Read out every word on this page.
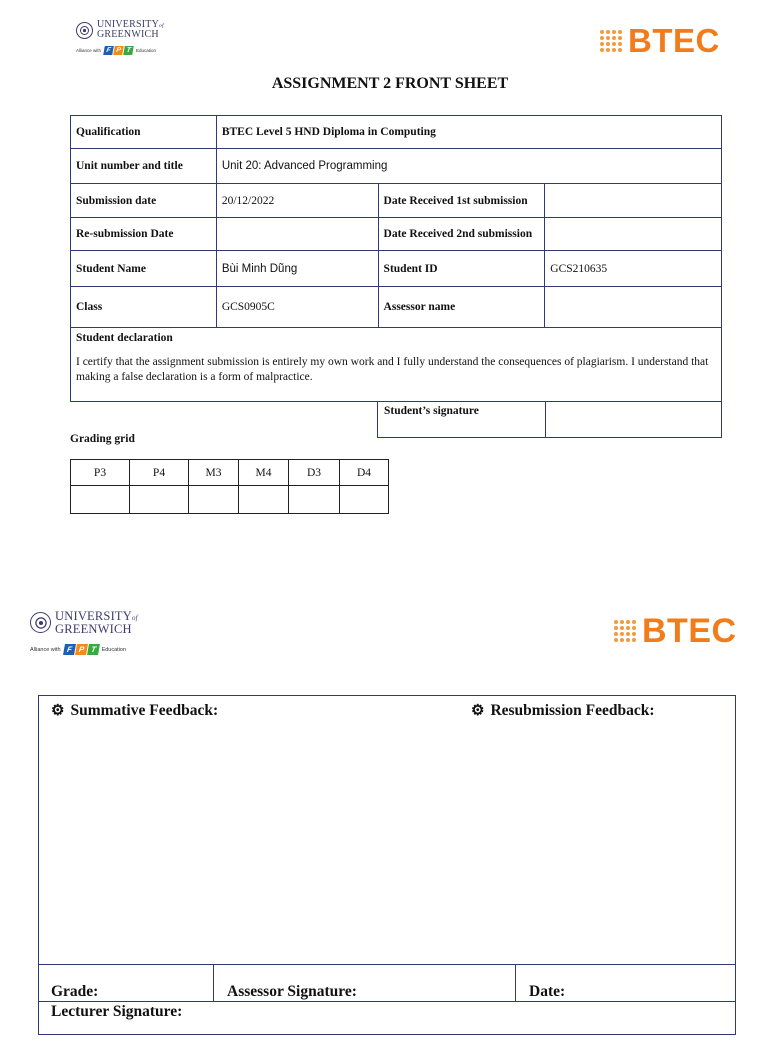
UNIVERSITYof
GREENWICH
Alliance with F P T	Education	BTEC
ASSIGNMENT 2 FRONT SHEET
Qualification	BTEC Level 5 HND Diploma in Computing		
Unit number and title	Unit 20: Advanced Programming		
Submission date	20/12/2022	Date Received 1st submission	
Re-submission Date		Date Received 2nd submission	
Student Name	Bùi Minh Dũng	Student ID	GCS210635
Class	GCS0905C	Assessor name	

Student declaration
I certify that the assignment submission is entirely my own work and I fully understand the consequences of plagiarism. I understand that making a false declaration is a form of malpractice.			
Student’s signature	
Grading grid
P3	P4	M3	M4	D3	D4

UNIVERSITYof
GREENWICH
Alliance with F P T Education	BTEC
⚙ Summative Feedback:	⚙ Resubmission Feedback:
Grade:	Assessor Signature:	Date:
Lecturer Signature:
